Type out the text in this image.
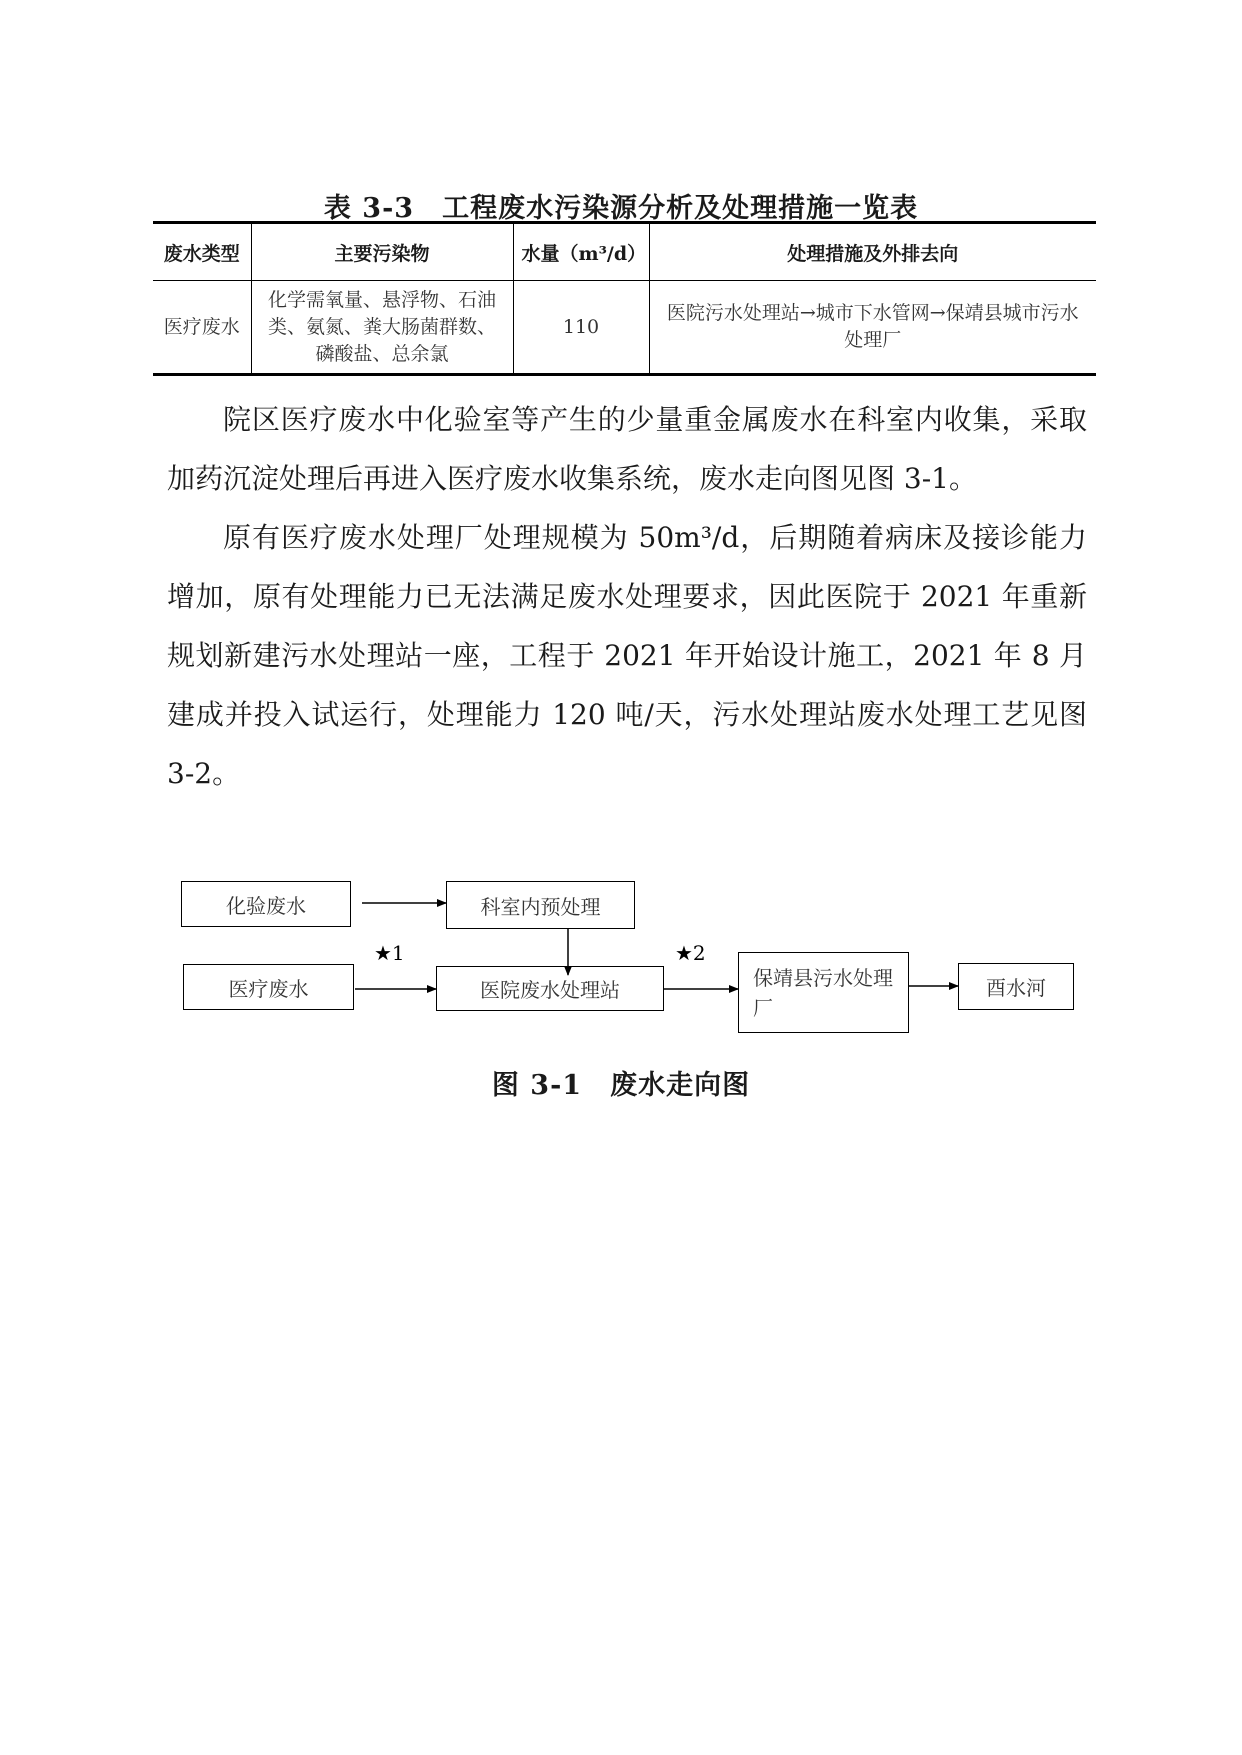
表 3-3　工程废水污染源分析及处理措施一览表
废水类型	主要污染物	水量（m³/d）	处理措施及外排去向
医疗废水	化学需氧量、悬浮物、石油类、氨氮、粪大肠菌群数、磷酸盐、总余氯	110	医院污水处理站→城市下水管网→保靖县城市污水处理厂

院区医疗废水中化验室等产生的少量重金属废水在科室内收集，采取加药沉淀处理后再进入医疗废水收集系统，废水走向图见图 3-1。

原有医疗废水处理厂处理规模为 50m³/d，后期随着病床及接诊能力增加，原有处理能力已无法满足废水处理要求，因此医院于 2021 年重新规划新建污水处理站一座，工程于 2021 年开始设计施工，2021 年 8 月建成并投入试运行，处理能力 120 吨/天，污水处理站废水处理工艺见图 3-2。

化验废水	科室内预处理
医疗废水	医院废水处理站
保靖县污水处理厂
酉水河
★1	★2
图 3-1　废水走向图
